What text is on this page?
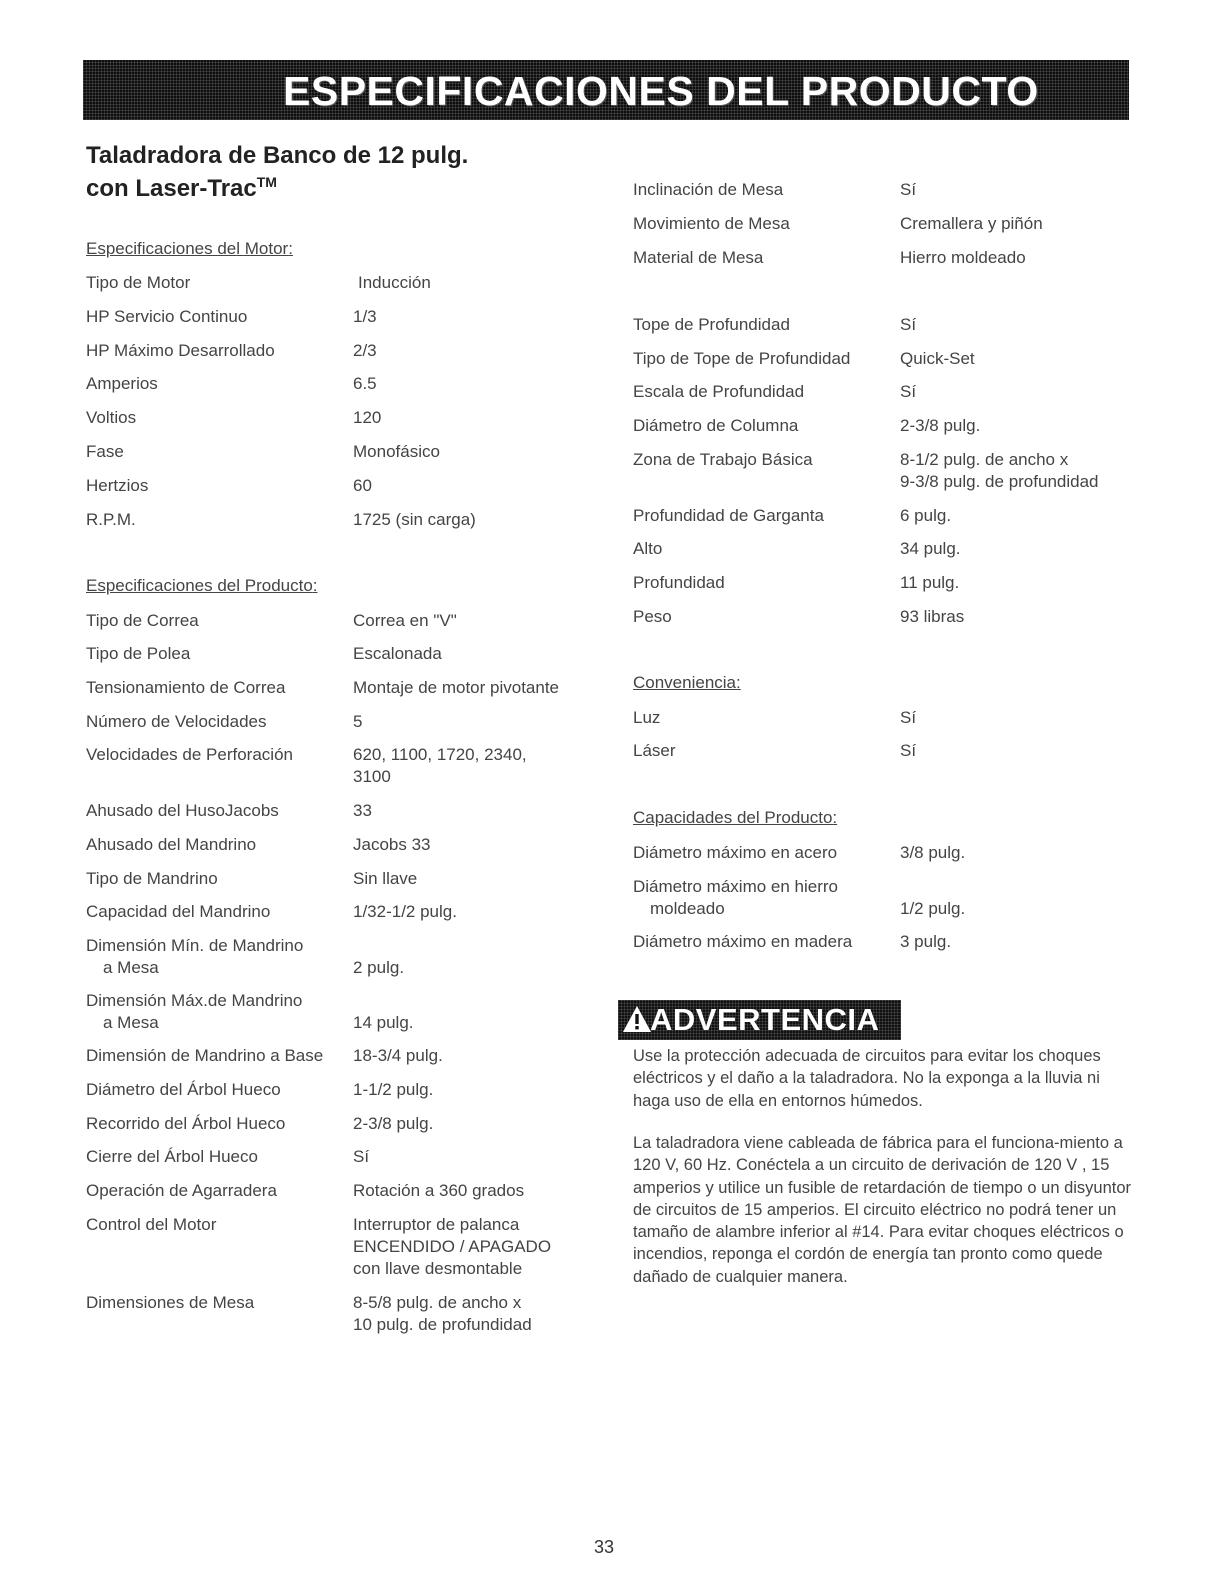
ESPECIFICACIONES DEL PRODUCTO
Taladradora de Banco de 12 pulg.
con Laser-Trac™
Especificaciones del Motor:
Tipo de Motor	Inducción
HP Servicio Continuo	1/3
HP Máximo Desarrollado	2/3
Amperios	6.5
Voltios	120
Fase	Monofásico
Hertzios	60
R.P.M.	1725 (sin carga)
Especificaciones del Producto:
Tipo de Correa	Correa en "V"
Tipo de Polea	Escalonada
Tensionamiento de Correa	Montaje de motor pivotante
Número de Velocidades	5
Velocidades de Perforación	620, 1100, 1720, 2340,
3100
Ahusado del HusoJacobs	33
Ahusado del Mandrino	Jacobs 33
Tipo de Mandrino	Sin llave
Capacidad del Mandrino	1/32-1/2 pulg.
Dimensión Mín. de Mandrino
a Mesa	2 pulg.
Dimensión Máx.de Mandrino
a Mesa	14 pulg.
Dimensión de Mandrino a Base	18-3/4 pulg.
Diámetro del Árbol Hueco	1-1/2 pulg.
Recorrido del Árbol Hueco	2-3/8 pulg.
Cierre del Árbol Hueco	Sí
Operación de Agarradera	Rotación a 360 grados
Control del Motor	Interruptor de palanca
ENCENDIDO / APAGADO
con llave desmontable
Dimensiones de Mesa	8-5/8 pulg. de ancho x
10 pulg. de profundidad
Inclinación de Mesa	Sí
Movimiento de Mesa	Cremallera y piñón
Material de Mesa	Hierro moldeado
Tope de Profundidad	Sí
Tipo de Tope de Profundidad	Quick-Set
Escala de Profundidad	Sí
Diámetro de Columna	2-3/8 pulg.
Zona de Trabajo Básica	8-1/2 pulg. de ancho x
9-3/8 pulg. de profundidad
Profundidad de Garganta	6 pulg.
Alto	34 pulg.
Profundidad	11 pulg.
Peso	93 libras
Conveniencia:
Luz	Sí
Láser	Sí
Capacidades del Producto:
Diámetro máximo en acero	3/8 pulg.
Diámetro máximo en hierro
moldeado	1/2 pulg.
Diámetro máximo en madera	3 pulg.
ADVERTENCIA
Use la protección adecuada de circuitos para evitar los choques eléctricos y el daño a la taladradora. No la exponga a la lluvia ni haga uso de ella en entornos húmedos.
La taladradora viene cableada de fábrica para el funciona-miento a 120 V, 60 Hz. Conéctela a un circuito de derivación de 120 V , 15 amperios y utilice un fusible de retardación de tiempo o un disyuntor de circuitos de 15 amperios. El circuito eléctrico no podrá tener un tamaño de alambre inferior al #14. Para evitar choques eléctricos o incendios, reponga el cordón de energía tan pronto como quede dañado de cualquier manera.
33
